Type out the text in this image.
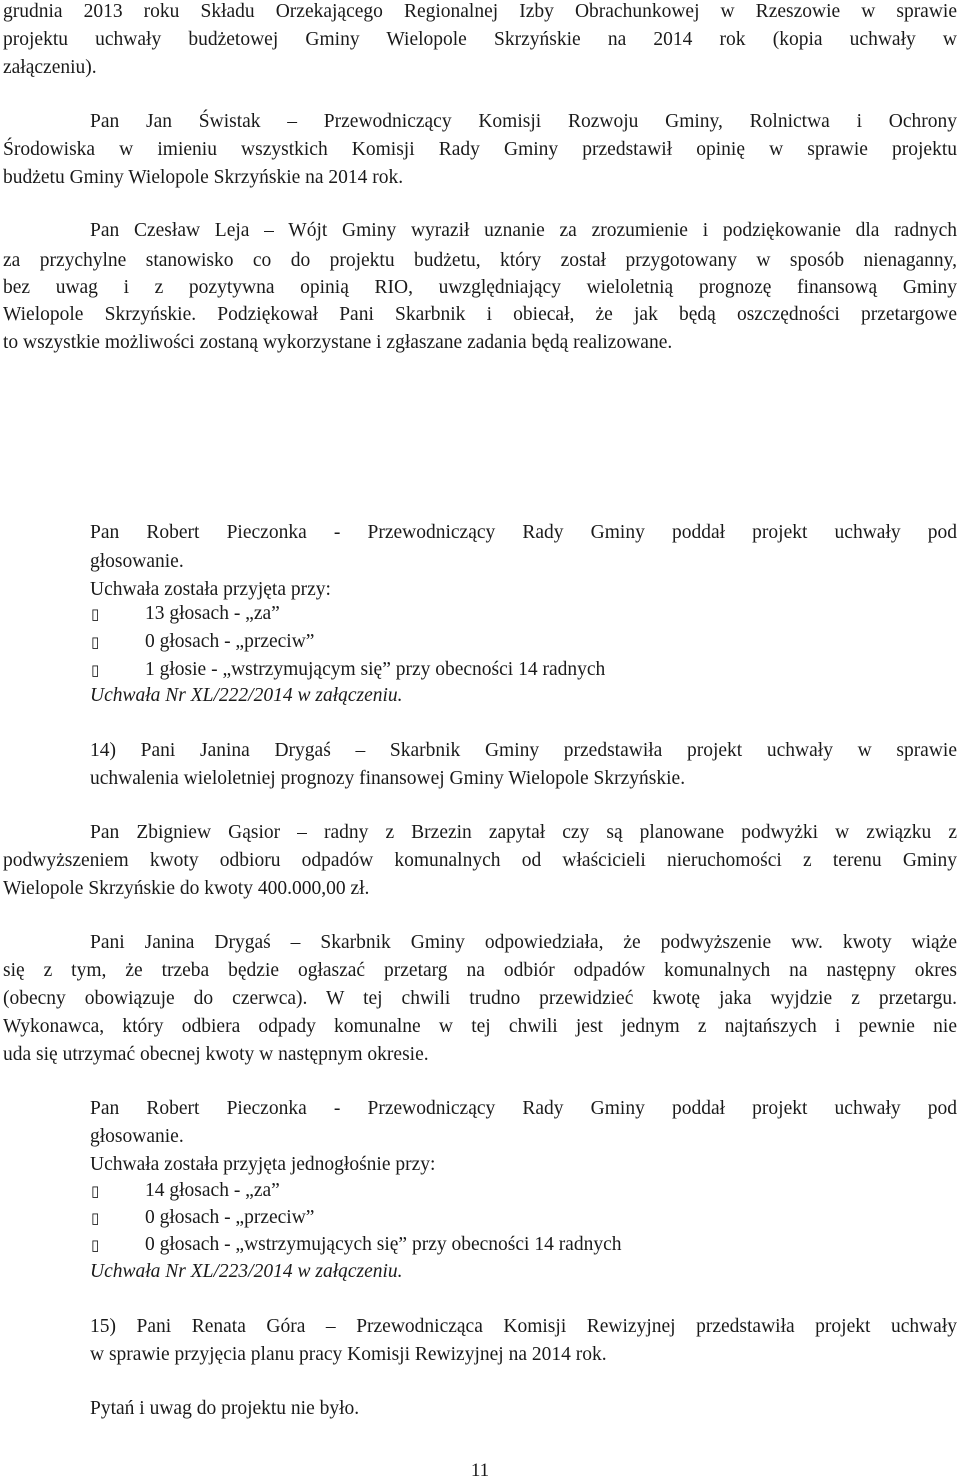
grudnia 2013 roku Składu Orzekającego Regionalnej Izby Obrachunkowej w Rzeszowie w sprawie
projektu uchwały budżetowej Gminy Wielopole Skrzyńskie na 2014 rok (kopia uchwały w
załączeniu).
Pan Jan Świstak – Przewodniczący Komisji Rozwoju Gminy, Rolnictwa i Ochrony
Środowiska w imieniu wszystkich Komisji Rady Gminy przedstawił opinię w sprawie projektu
budżetu Gminy Wielopole Skrzyńskie na 2014 rok.
Pan Czesław Leja – Wójt Gminy wyraził uznanie za zrozumienie i podziękowanie dla radnych
za przychylne stanowisko co do projektu budżetu, który został przygotowany w sposób nienaganny,
bez uwag i z pozytywna opinią RIO, uwzględniający wieloletnią prognozę finansową Gminy
Wielopole Skrzyńskie. Podziękował Pani Skarbnik i obiecał, że jak będą oszczędności przetargowe
to wszystkie możliwości zostaną wykorzystane i zgłaszane zadania będą realizowane.
Pan Robert Pieczonka - Przewodniczący Rady Gminy poddał projekt uchwały pod
głosowanie.
Uchwała została przyjęta przy:
▯ 13 głosach - „za”
▯ 0 głosach - „przeciw”
▯ 1 głosie - „wstrzymującym się” przy obecności 14 radnych
Uchwała Nr XL/222/2014 w załączeniu.
14) Pani Janina Drygaś – Skarbnik Gminy przedstawiła projekt uchwały w sprawie
uchwalenia wieloletniej prognozy finansowej Gminy Wielopole Skrzyńskie.
Pan Zbigniew Gąsior – radny z Brzezin zapytał czy są planowane podwyżki w związku z
podwyższeniem kwoty odbioru odpadów komunalnych od właścicieli nieruchomości z terenu Gminy
Wielopole Skrzyńskie do kwoty 400.000,00 zł.
Pani Janina Drygaś – Skarbnik Gminy odpowiedziała, że podwyższenie ww. kwoty wiąże
się z tym, że trzeba będzie ogłaszać przetarg na odbiór odpadów komunalnych na następny okres
(obecny obowiązuje do czerwca). W tej chwili trudno przewidzieć kwotę jaka wyjdzie z przetargu.
Wykonawca, który odbiera odpady komunalne w tej chwili jest jednym z najtańszych i pewnie nie
uda się utrzymać obecnej kwoty w następnym okresie.
Pan Robert Pieczonka - Przewodniczący Rady Gminy poddał projekt uchwały pod
głosowanie.
Uchwała została przyjęta jednogłośnie przy:
▯ 14 głosach - „za”
▯ 0 głosach - „przeciw”
▯ 0 głosach - „wstrzymujących się” przy obecności 14 radnych
Uchwała Nr XL/223/2014 w załączeniu.
15) Pani Renata Góra – Przewodnicząca Komisji Rewizyjnej przedstawiła projekt uchwały
w sprawie przyjęcia planu pracy Komisji Rewizyjnej na 2014 rok.
Pytań i uwag do projektu nie było.
11
